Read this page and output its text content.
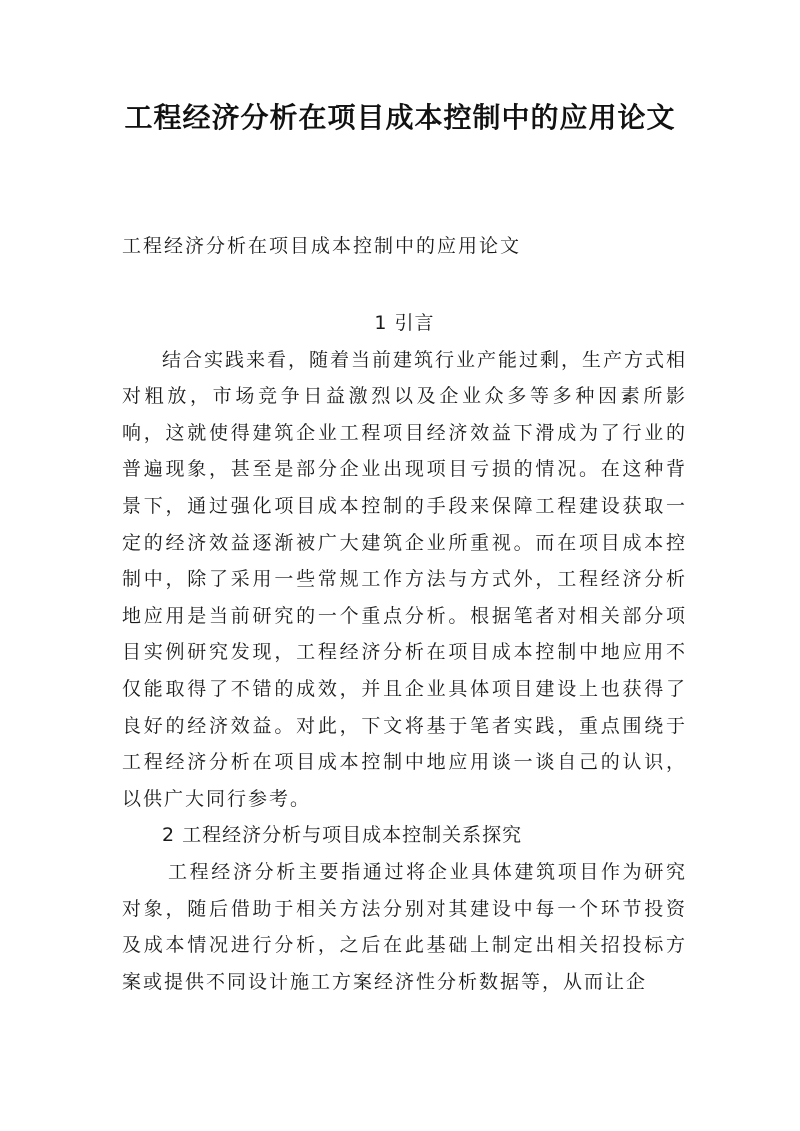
工程经济分析在项目成本控制中的应用论文

工程经济分析在项目成本控制中的应用论文

1 引言

结合实践来看，随着当前建筑行业产能过剩，生产方式相对粗放，市场竞争日益激烈以及企业众多等多种因素所影响，这就使得建筑企业工程项目经济效益下滑成为了行业的普遍现象，甚至是部分企业出现项目亏损的情况。在这种背景下，通过强化项目成本控制的手段来保障工程建设获取一定的经济效益逐渐被广大建筑企业所重视。而在项目成本控制中，除了采用一些常规工作方法与方式外，工程经济分析地应用是当前研究的一个重点分析。根据笔者对相关部分项目实例研究发现，工程经济分析在项目成本控制中地应用不仅能取得了不错的成效，并且企业具体项目建设上也获得了良好的经济效益。对此，下文将基于笔者实践，重点围绕于工程经济分析在项目成本控制中地应用谈一谈自己的认识，以供广大同行参考。

2 工程经济分析与项目成本控制关系探究

工程经济分析主要指通过将企业具体建筑项目作为研究对象，随后借助于相关方法分别对其建设中每一个环节投资及成本情况进行分析，之后在此基础上制定出相关招投标方案或提供不同设计施工方案经济性分析数据等，从而让企
